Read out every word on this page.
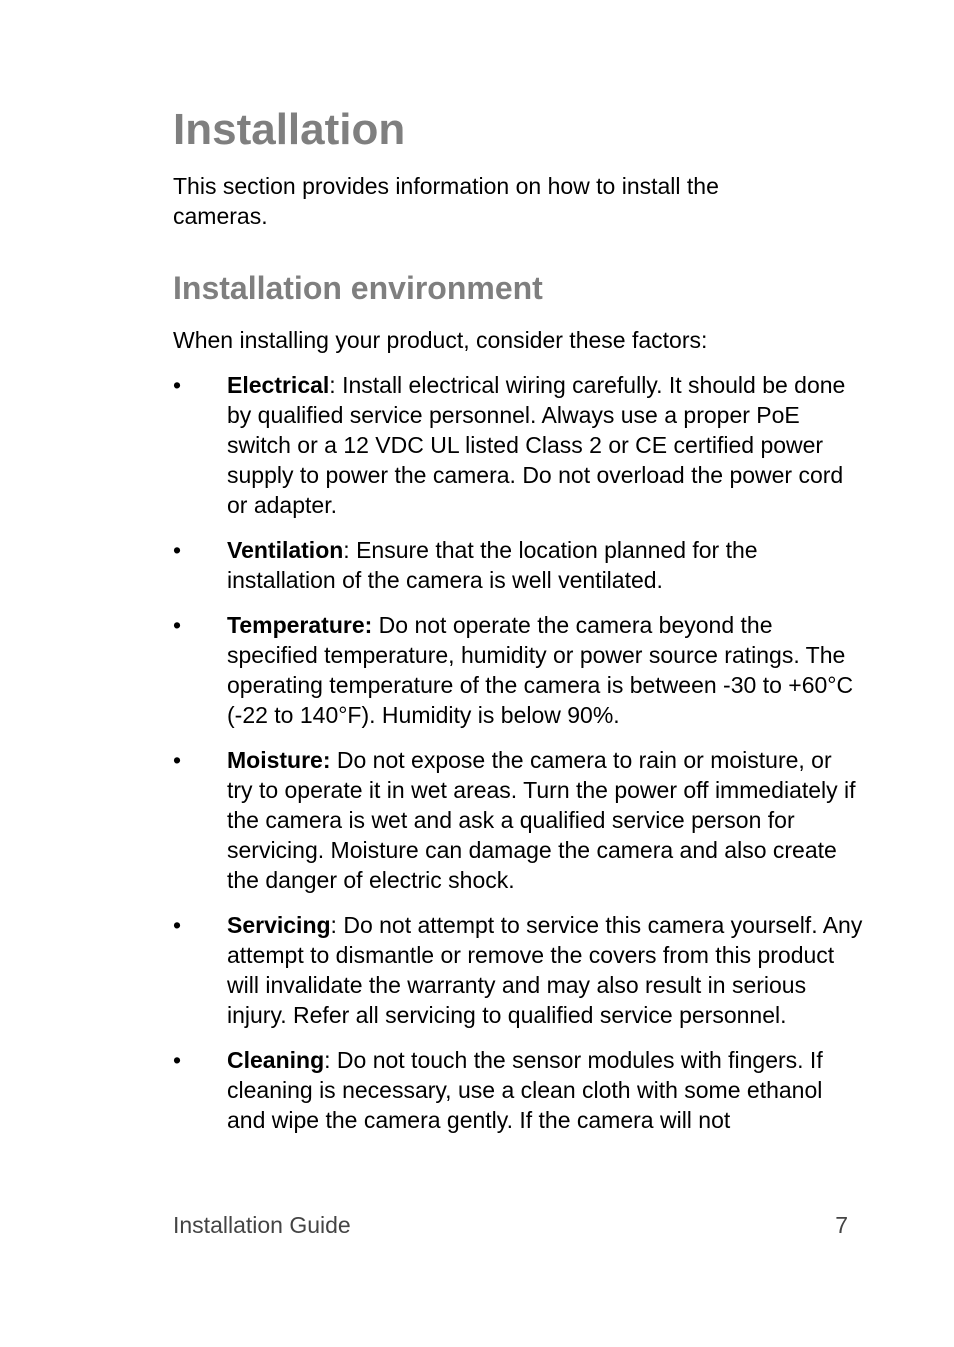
Installation

This section provides information on how to install the cameras.

Installation environment

When installing your product, consider these factors:

•	Electrical: Install electrical wiring carefully. It should be done by qualified service personnel. Always use a proper PoE switch or a 12 VDC UL listed Class 2 or CE certified power supply to power the camera. Do not overload the power cord or adapter.
•	Ventilation: Ensure that the location planned for the installation of the camera is well ventilated.
•	Temperature: Do not operate the camera beyond the specified temperature, humidity or power source ratings. The operating temperature of the camera is between -30 to +60°C (-22 to 140°F). Humidity is below 90%.
•	Moisture: Do not expose the camera to rain or moisture, or try to operate it in wet areas. Turn the power off immediately if the camera is wet and ask a qualified service person for servicing. Moisture can damage the camera and also create the danger of electric shock.
•	Servicing: Do not attempt to service this camera yourself. Any attempt to dismantle or remove the covers from this product will invalidate the warranty and may also result in serious injury. Refer all servicing to qualified service personnel.
•	Cleaning: Do not touch the sensor modules with fingers. If cleaning is necessary, use a clean cloth with some ethanol and wipe the camera gently. If the camera will not
Installation Guide	7
